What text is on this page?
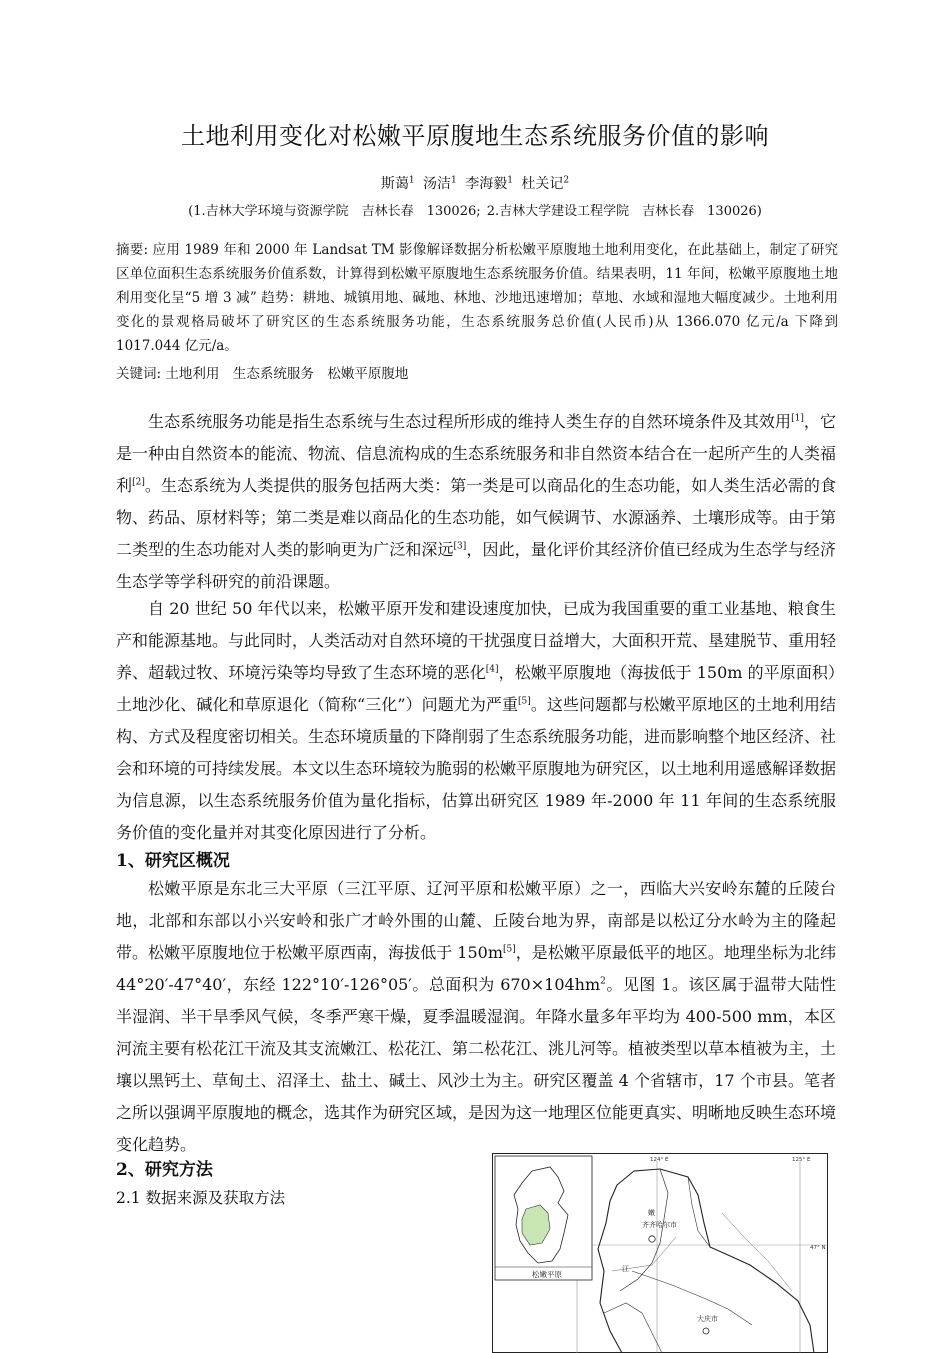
土地利用变化对松嫩平原腹地生态系统服务价值的影响
斯蔼$^1$ 汤洁$^1$ 李海毅$^1$ 杜关记$^2$
(1.吉林大学环境与资源学院　吉林长春　130026; 2.吉林大学建设工程学院　吉林长春　130026)
摘要: 应用 1989 年和 2000 年 Landsat TM 影像解译数据分析松嫩平原腹地土地利用变化，在此基础上，制定了研究区单位面积生态系统服务价值系数，计算得到松嫩平原腹地生态系统服务价值。结果表明，11 年间，松嫩平原腹地土地利用变化呈“5 增 3 减” 趋势：耕地、城镇用地、碱地、林地、沙地迅速增加；草地、水域和湿地大幅度减少。土地利用变化的景观格局破坏了研究区的生态系统服务功能，生态系统服务总价值(人民币)从 1366.070 亿元/a 下降到 1017.044 亿元/a。
关键词: 土地利用　生态系统服务　松嫩平原腹地
生态系统服务功能是指生态系统与生态过程所形成的维持人类生存的自然环境条件及其效用[1]，它是一种由自然资本的能流、物流、信息流构成的生态系统服务和非自然资本结合在一起所产生的人类福利[2]。生态系统为人类提供的服务包括两大类：第一类是可以商品化的生态功能，如人类生活必需的食物、药品、原材料等；第二类是难以商品化的生态功能，如气候调节、水源涵养、土壤形成等。由于第二类型的生态功能对人类的影响更为广泛和深远[3]，因此，量化评价其经济价值已经成为生态学与经济生态学等学科研究的前沿课题。
自 20 世纪 50 年代以来，松嫩平原开发和建设速度加快，已成为我国重要的重工业基地、粮食生产和能源基地。与此同时，人类活动对自然环境的干扰强度日益增大，大面积开荒、垦建脱节、重用轻养、超载过牧、环境污染等均导致了生态环境的恶化[4]，松嫩平原腹地（海拔低于 150m 的平原面积）土地沙化、碱化和草原退化（简称“三化”）问题尤为严重[5]。这些问题都与松嫩平原地区的土地利用结构、方式及程度密切相关。生态环境质量的下降削弱了生态系统服务功能，进而影响整个地区经济、社会和环境的可持续发展。本文以生态环境较为脆弱的松嫩平原腹地为研究区，以土地利用遥感解译数据为信息源，以生态系统服务价值为量化指标，估算出研究区 1989 年-2000 年 11 年间的生态系统服务价值的变化量并对其变化原因进行了分析。
1、研究区概况
松嫩平原是东北三大平原（三江平原、辽河平原和松嫩平原）之一，西临大兴安岭东麓的丘陵台地，北部和东部以小兴安岭和张广才岭外围的山麓、丘陵台地为界，南部是以松辽分水岭为主的隆起带。松嫩平原腹地位于松嫩平原西南，海拔低于 150m[5]，是松嫩平原最低平的地区。地理坐标为北纬 44°20′-47°40′，东经 122°10′-126°05′。总面积为 $670\times 104hm^2$。见图 1。该区属于温带大陆性半湿润、半干旱季风气候，冬季严寒干燥，夏季温暖湿润。年降水量多年平均为 400-500 mm，本区河流主要有松花江干流及其支流嫩江、松花江、第二松花江、洮儿河等。植被类型以草本植被为主，土壤以黑钙土、草甸土、沼泽土、盐土、碱土、风沙土为主。研究区覆盖 4 个省辖市，17 个市县。笔者之所以强调平原腹地的概念，选其作为研究区域，是因为这一地理区位能更真实、明晰地反映生态环境变化趋势。
2、研究方法
2.1 数据来源及获取方法
124° E	125° E
47° N
松嫩平原
齐齐哈尔市
嫩
江
大庆市
